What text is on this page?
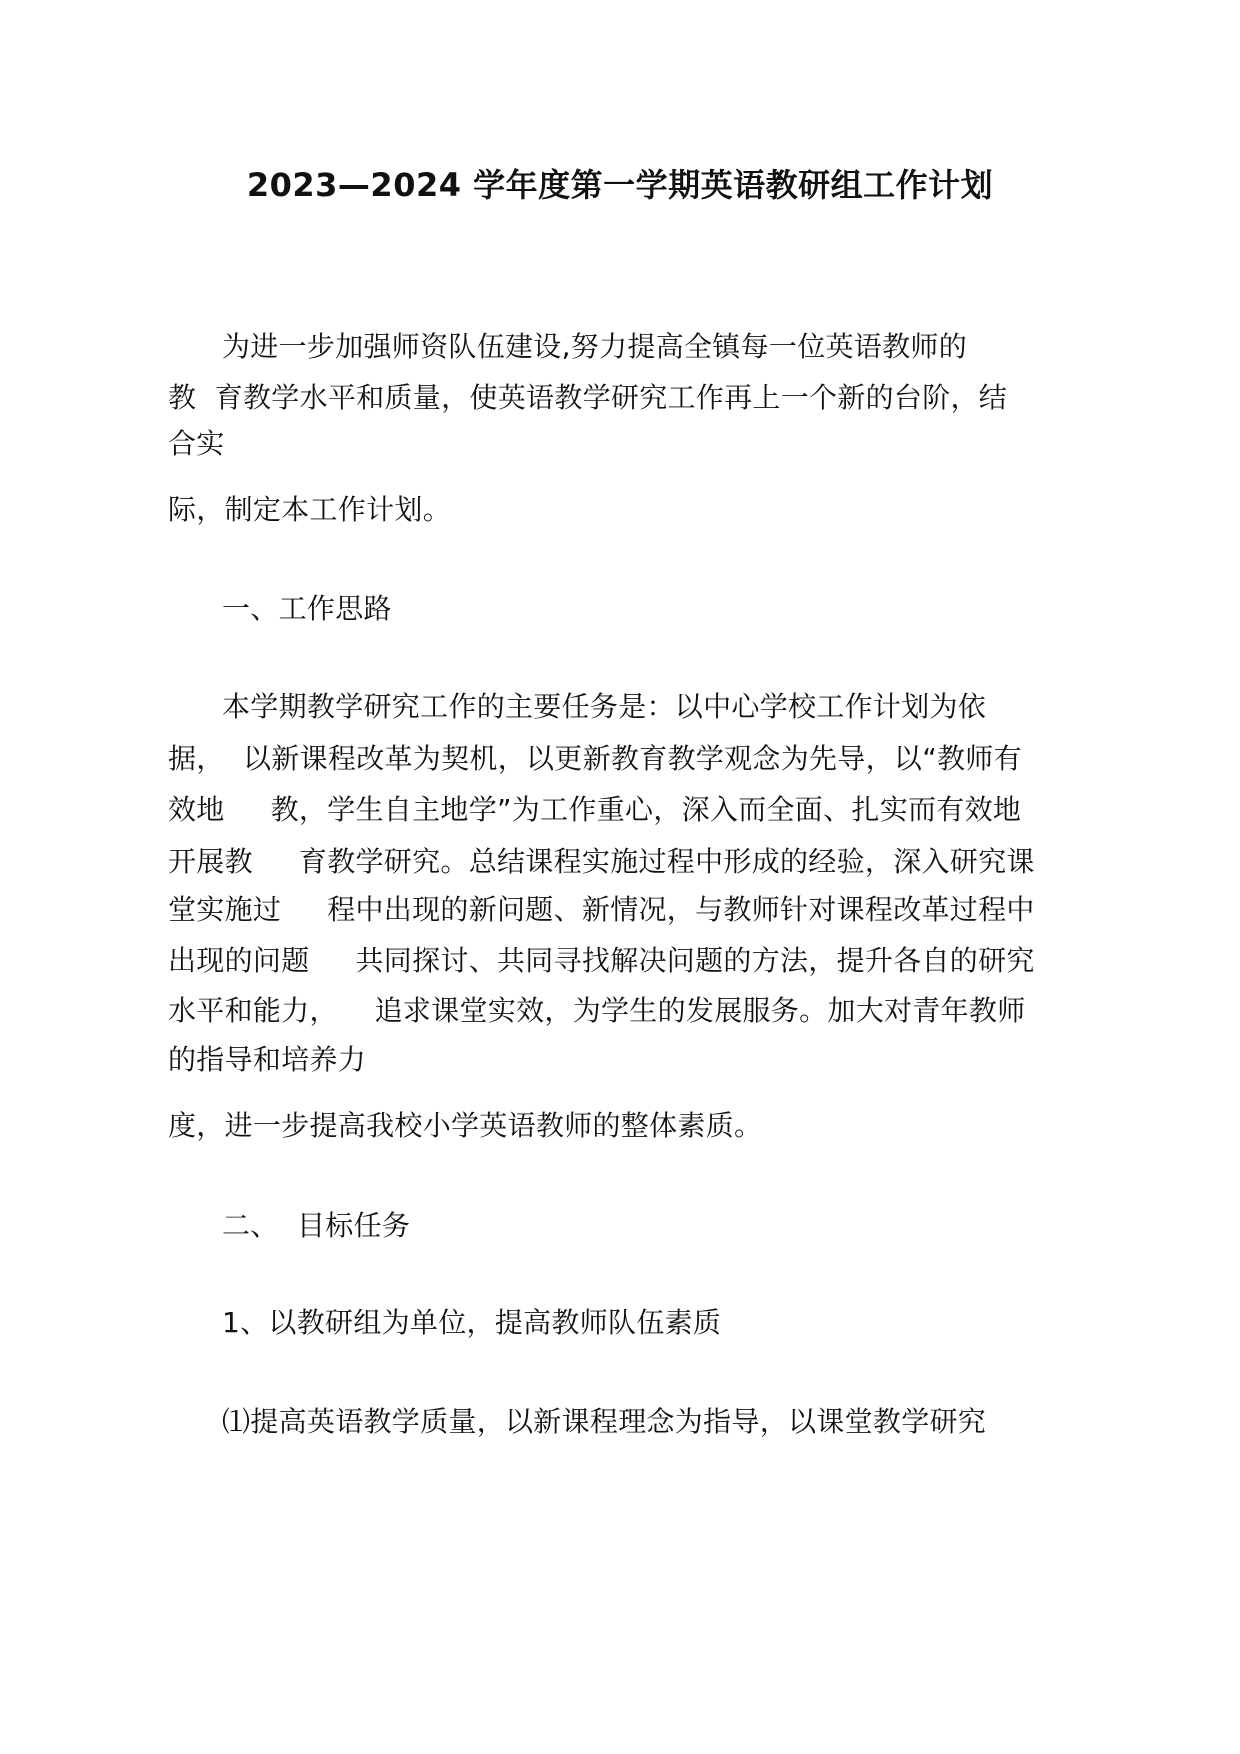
2023—2024 学年度第一学期英语教研组工作计划
为进一步加强师资队伍建设,努力提高全镇每一位英语教师的
教  育教学水平和质量，使英语教学研究工作再上一个新的台阶，结
合实
际，制定本工作计划。
一、工作思路
本学期教学研究工作的主要任务是：以中心学校工作计划为依
据，  以新课程改革为契机，以更新教育教学观念为先导，以“教师有
效地     教，学生自主地学”为工作重心，深入而全面、扎实而有效地
开展教     育教学研究。总结课程实施过程中形成的经验，深入研究课
堂实施过     程中出现的新问题、新情况，与教师针对课程改革过程中
出现的问题     共同探讨、共同寻找解决问题的方法，提升各自的研究
水平和能力，    追求课堂实效，为学生的发展服务。加大对青年教师
的指导和培养力
度，进一步提高我校小学英语教师的整体素质。
二、  目标任务
1、以教研组为单位，提高教师队伍素质
⑴提高英语教学质量，以新课程理念为指导，以课堂教学研究
